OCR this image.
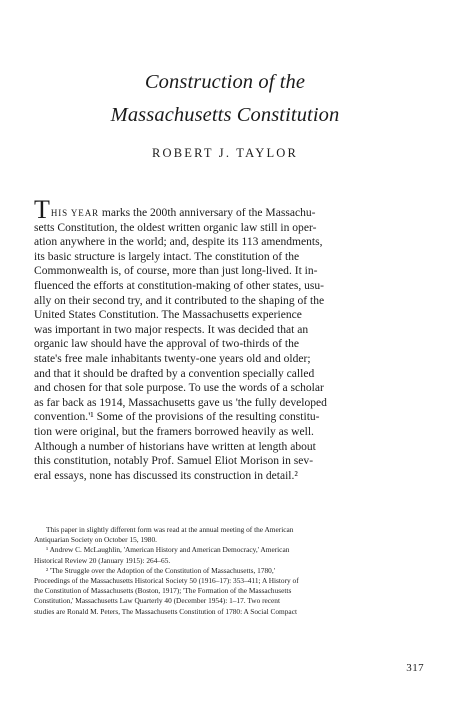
Construction of the
Massachusetts Constitution
ROBERT J. TAYLOR
THIS YEAR marks the 200th anniversary of the Massachu-
setts Constitution, the oldest written organic law still in oper-
ation anywhere in the world; and, despite its 113 amendments,
its basic structure is largely intact. The constitution of the
Commonwealth is, of course, more than just long-lived. It in-
fluenced the efforts at constitution-making of other states, usu-
ally on their second try, and it contributed to the shaping of the
United States Constitution. The Massachusetts experience
was important in two major respects. It was decided that an
organic law should have the approval of two-thirds of the
state's free male inhabitants twenty-one years old and older;
and that it should be drafted by a convention specially called
and chosen for that sole purpose. To use the words of a scholar
as far back as 1914, Massachusetts gave us 'the fully developed
convention.'¹ Some of the provisions of the resulting constitu-
tion were original, but the framers borrowed heavily as well.
Although a number of historians have written at length about
this constitution, notably Prof. Samuel Eliot Morison in sev-
eral essays, none has discussed its construction in detail.²
This paper in slightly different form was read at the annual meeting of the American
Antiquarian Society on October 15, 1980.
¹ Andrew C. McLaughlin, 'American History and American Democracy,' American
Historical Review 20 (January 1915): 264–65.
² 'The Struggle over the Adoption of the Constitution of Massachusetts, 1780,'
Proceedings of the Massachusetts Historical Society 50 (1916–17): 353–411; A History of
the Constitution of Massachusetts (Boston, 1917); 'The Formation of the Massachusetts
Constitution,' Massachusetts Law Quarterly 40 (December 1954): 1–17. Two recent
studies are Ronald M. Peters, The Massachusetts Constitution of 1780: A Social Compact
317
